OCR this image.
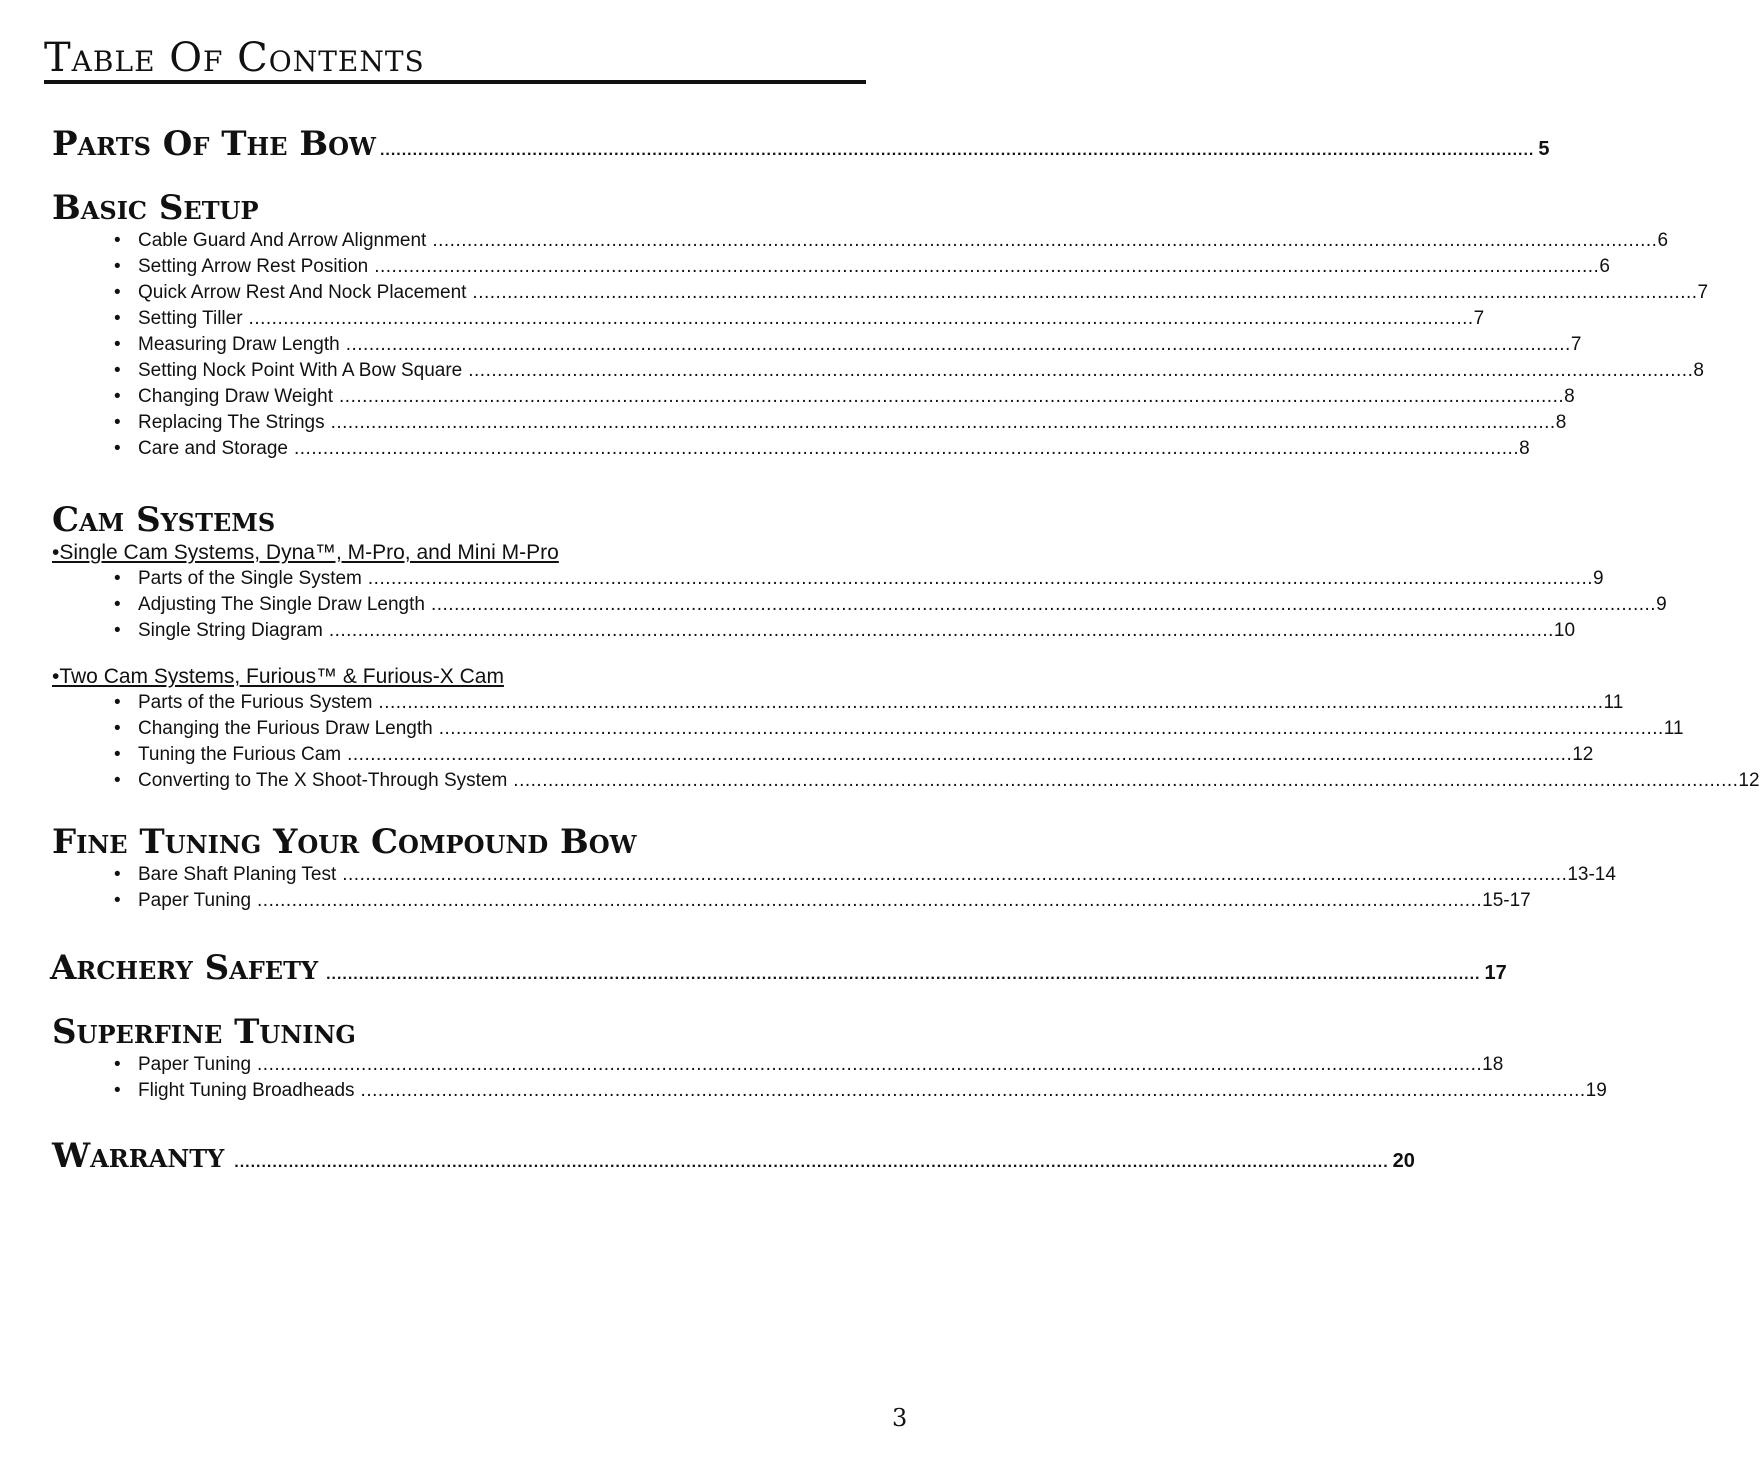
Table Of Contents
Parts Of The Bow .................................................................................................................................................................................................................... 5
Basic Setup
• Cable Guard And Arrow Alignment .................................................................................................................................................................................................................... 6
• Setting Arrow Rest Position .................................................................................................................................................................................................................... 6
• Quick Arrow Rest And Nock Placement .................................................................................................................................................................................................................... 7
• Setting Tiller .................................................................................................................................................................................................................... 7
• Measuring Draw Length .................................................................................................................................................................................................................... 7
• Setting Nock Point With A Bow Square .................................................................................................................................................................................................................... 8
• Changing Draw Weight .................................................................................................................................................................................................................... 8
• Replacing The Strings .................................................................................................................................................................................................................... 8
• Care and Storage .................................................................................................................................................................................................................... 8
Cam Systems
•Single Cam Systems, Dyna™, M-Pro, and Mini M-Pro
• Parts of the Single System .................................................................................................................................................................................................................... 9
• Adjusting The Single Draw Length .................................................................................................................................................................................................................... 9
• Single String Diagram .................................................................................................................................................................................................................... 10
•Two Cam Systems, Furious™ & Furious-X Cam
• Parts of the Furious System .................................................................................................................................................................................................................... 11
• Changing the Furious Draw Length .................................................................................................................................................................................................................... 11
• Tuning the Furious Cam .................................................................................................................................................................................................................... 12
• Converting to The X Shoot-Through System .................................................................................................................................................................................................................... 12
Fine Tuning Your Compound Bow
• Bare Shaft Planing Test .................................................................................................................................................................................................................... 13-14
• Paper Tuning .................................................................................................................................................................................................................... 15-17
Archery Safety .................................................................................................................................................................................................................... 17
Superfine Tuning
• Paper Tuning .................................................................................................................................................................................................................... 18
• Flight Tuning Broadheads .................................................................................................................................................................................................................... 19
Warranty .................................................................................................................................................................................................................... 20
3
